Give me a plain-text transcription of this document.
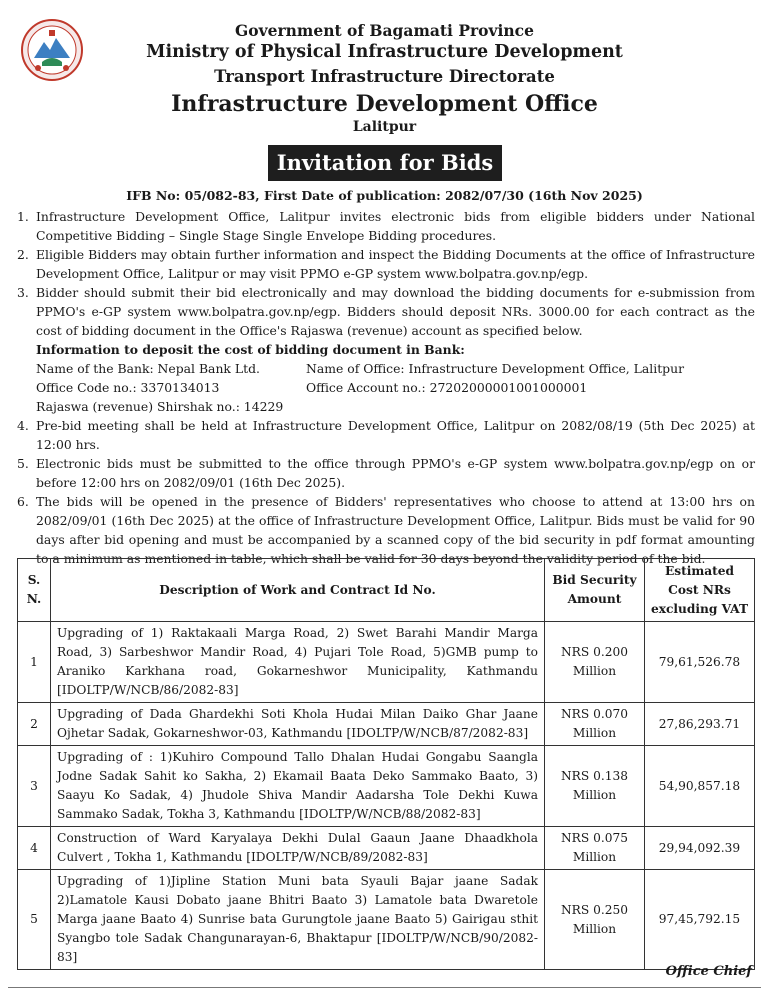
Government of Bagamati Province
Ministry of Physical Infrastructure Development
Transport Infrastructure Directorate
Infrastructure Development Office
Lalitpur
Invitation for Bids
IFB No: 05/082-83, First Date of publication: 2082/07/30 (16th Nov 2025)
1. Infrastructure Development Office, Lalitpur invites electronic bids from eligible bidders under National Competitive Bidding – Single Stage Single Envelope Bidding procedures.
2. Eligible Bidders may obtain further information and inspect the Bidding Documents at the office of Infrastructure Development Office, Lalitpur or may visit PPMO e-GP system www.bolpatra.gov.np/egp.
3. Bidder should submit their bid electronically and may download the bidding documents for e-submission from PPMO's e-GP system www.bolpatra.gov.np/egp. Bidders should deposit NRs. 3000.00 for each contract as the cost of bidding document in the Office's Rajaswa (revenue) account as specified below.
Information to deposit the cost of bidding document in Bank:
Name of the Bank: Nepal Bank Ltd.	Name of Office: Infrastructure Development Office, Lalitpur
Office Code no.: 3370134013	Office Account no.: 27202000001001000001
Rajaswa (revenue) Shirshak no.: 14229
4. Pre-bid meeting shall be held at Infrastructure Development Office, Lalitpur on 2082/08/19 (5th Dec 2025) at 12:00 hrs.
5. Electronic bids must be submitted to the office through PPMO's e-GP system www.bolpatra.gov.np/egp on or before 12:00 hrs on 2082/09/01 (16th Dec 2025).
6. The bids will be opened in the presence of Bidders' representatives who choose to attend at 13:00 hrs on 2082/09/01 (16th Dec 2025) at the office of Infrastructure Development Office, Lalitpur. Bids must be valid for 90 days after bid opening and must be accompanied by a scanned copy of the bid security in pdf format amounting to a minimum as mentioned in table, which shall be valid for 30 days beyond the validity period of the bid.
S. N.	Description of Work and Contract Id No.	Bid Security Amount	Estimated Cost NRs excluding VAT
1	Upgrading of 1) Raktakaali Marga Road, 2) Swet Barahi Mandir Marga Road, 3) Sarbeshwor Mandir Road, 4) Pujari Tole Road, 5)GMB pump to Araniko Karkhana road, Gokarneshwor Municipality, Kathmandu [IDOLTP/W/NCB/86/2082-83]	NRS 0.200 Million	79,61,526.78
2	Upgrading of Dada Ghardekhi Soti Khola Hudai Milan Daiko Ghar Jaane Ojhetar Sadak, Gokarneshwor-03, Kathmandu [IDOLTP/W/NCB/87/2082-83]	NRS 0.070 Million	27,86,293.71
3	Upgrading of : 1)Kuhiro Compound Tallo Dhalan Hudai Gongabu Saangla Jodne Sadak Sahit ko Sakha, 2) Ekamail Baata Deko Sammako Baato, 3) Saayu Ko Sadak, 4) Jhudole Shiva Mandir Aadarsha Tole Dekhi Kuwa Sammako Sadak, Tokha 3, Kathmandu [IDOLTP/W/NCB/88/2082-83]	NRS 0.138 Million	54,90,857.18
4	Construction of Ward Karyalaya Dekhi Dulal Gaaun Jaane Dhaadkhola Culvert , Tokha 1, Kathmandu [IDOLTP/W/NCB/89/2082-83]	NRS 0.075 Million	29,94,092.39
5	Upgrading of 1)Jipline Station Muni bata Syauli Bajar jaane Sadak 2)Lamatole Kausi Dobato jaane Bhitri Baato 3) Lamatole bata Dwaretole Marga jaane Baato 4) Sunrise bata Gurungtole jaane Baato 5) Gairigau sthit Syangbo tole Sadak Changunarayan-6, Bhaktapur [IDOLTP/W/NCB/90/2082-83]	NRS 0.250 Million	97,45,792.15
Office Chief
